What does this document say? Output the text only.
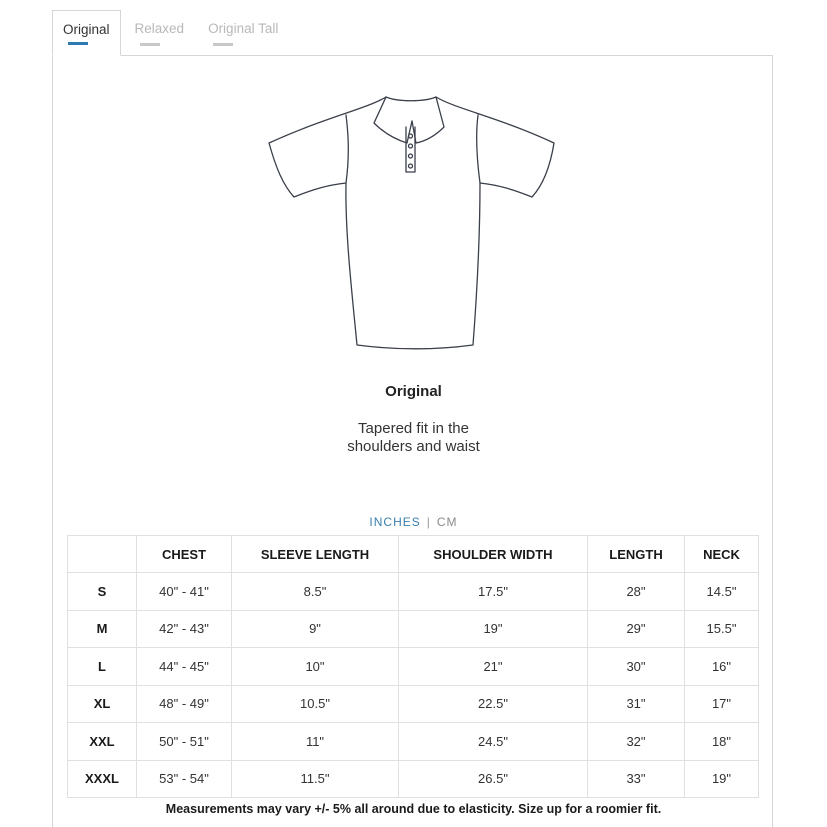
Original Relaxed Original Tall
Original
Tapered fit in the
shoulders and waist
INCHES | CM
	CHEST	SLEEVE LENGTH	SHOULDER WIDTH	LENGTH	NECK
S	40" - 41"	8.5"	17.5"	28"	14.5"
M	42" - 43"	9"	19"	29"	15.5"
L	44" - 45"	10"	21"	30"	16"
XL	48" - 49"	10.5"	22.5"	31"	17"
XXL	50" - 51"	11"	24.5"	32"	18"
XXXL	53" - 54"	11.5"	26.5"	33"	19"
Measurements may vary +/- 5% all around due to elasticity. Size up for a roomier fit.
